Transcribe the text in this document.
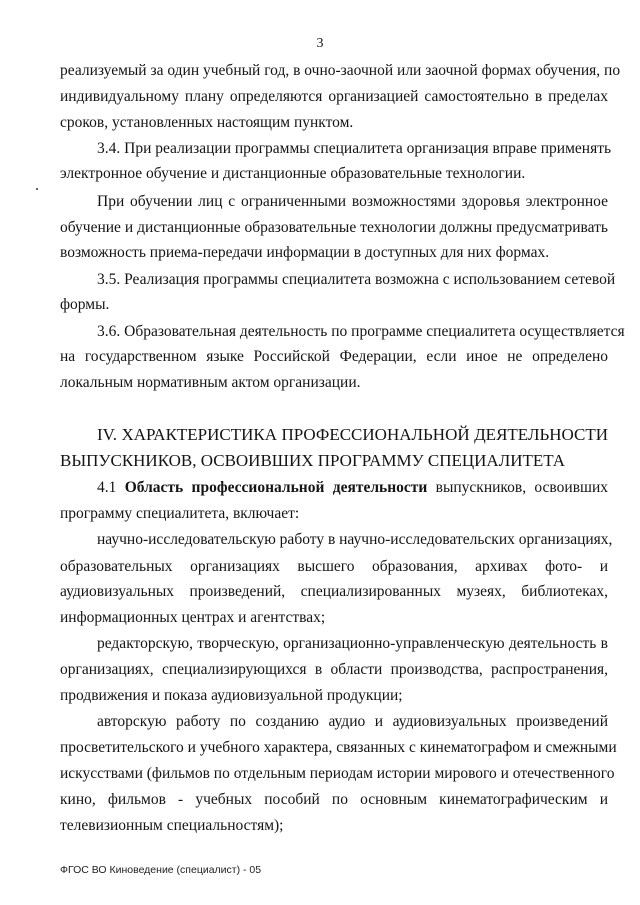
3
реализуемый за один учебный год, в очно-заочной или заочной формах обучения, по
индивидуальному плану определяются организацией самостоятельно в пределах
сроков, установленных настоящим пунктом.
3.4. При реализации программы специалитета организация вправе применять
электронное обучение и дистанционные образовательные технологии.
При обучении лиц с ограниченными возможностями здоровья электронное
обучение и дистанционные образовательные технологии должны предусматривать
возможность приема-передачи информации в доступных для них формах.
3.5. Реализация программы специалитета возможна с использованием сетевой
формы.
3.6. Образовательная деятельность по программе специалитета осуществляется
на государственном языке Российской Федерации, если иное не определено
локальным нормативным актом организации.
IV. ХАРАКТЕРИСТИКА ПРОФЕССИОНАЛЬНОЙ ДЕЯТЕЛЬНОСТИ
ВЫПУСКНИКОВ, ОСВОИВШИХ ПРОГРАММУ СПЕЦИАЛИТЕТА
4.1 Область профессиональной деятельности выпускников, освоивших
программу специалитета, включает:
научно-исследовательскую работу в научно-исследовательских организациях,
образовательных организациях высшего образования, архивах фото- и
аудиовизуальных произведений, специализированных музеях, библиотеках,
информационных центрах и агентствах;
редакторскую, творческую, организационно-управленческую деятельность в
организациях, специализирующихся в области производства, распространения,
продвижения и показа аудиовизуальной продукции;
авторскую работу по созданию аудио и аудиовизуальных произведений
просветительского и учебного характера, связанных с кинематографом и смежными
искусствами (фильмов по отдельным периодам истории мирового и отечественного
кино, фильмов - учебных пособий по основным кинематографическим и
телевизионным специальностям);
ФГОС ВО Киноведение (специалист) - 05
